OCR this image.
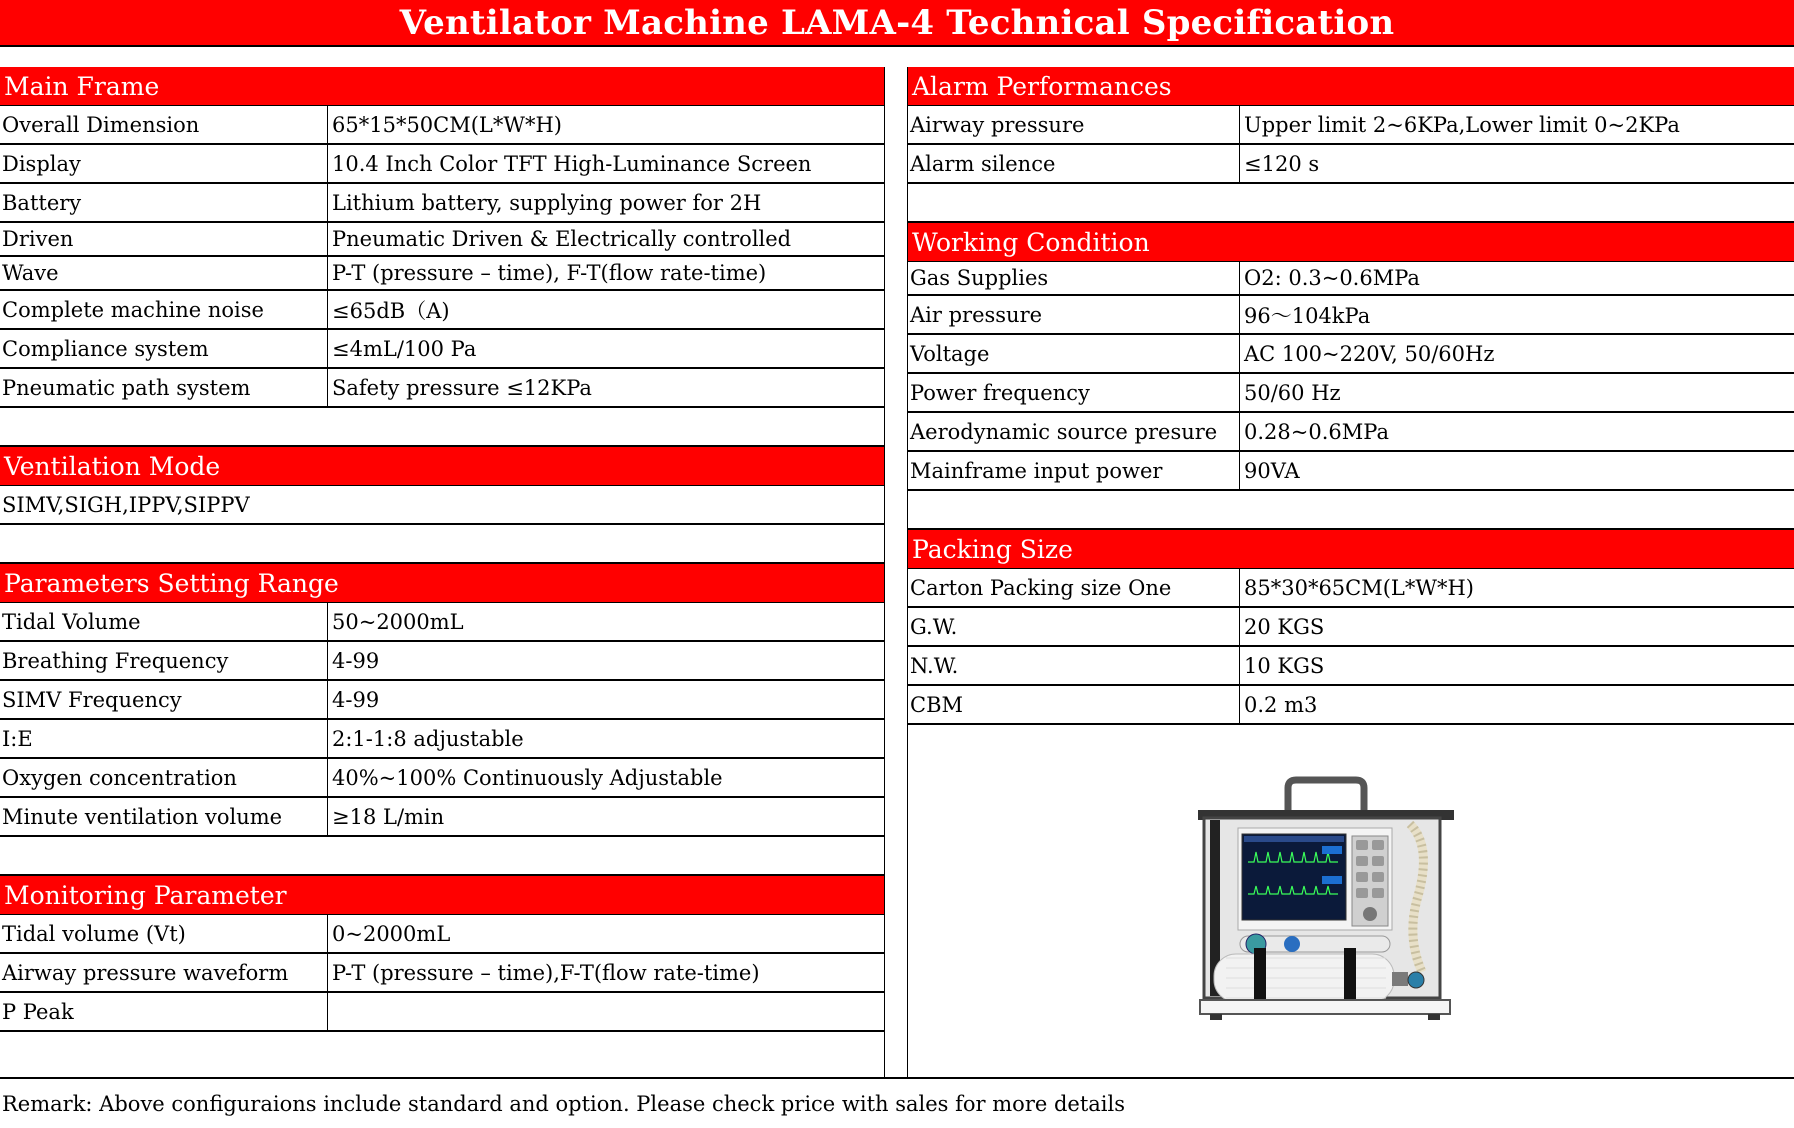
Ventilator Machine LAMA-4 Technical Specification
Main Frame
Overall Dimension	65*15*50CM(L*W*H)
Display	10.4 Inch Color TFT High-Luminance Screen
Battery	Lithium battery, supplying power for 2H
Driven	Pneumatic Driven & Electrically controlled
Wave	P-T (pressure – time), F-T(flow rate-time)
Complete machine noise	≤65dB（A)
Compliance system	≤4mL/100 Pa
Pneumatic path system	Safety pressure ≤12KPa
Ventilation Mode
SIMV,SIGH,IPPV,SIPPV
Parameters Setting Range
Tidal Volume	50~2000mL
Breathing Frequency	4-99
SIMV Frequency	4-99
I:E	2:1-1:8 adjustable
Oxygen concentration	40%~100% Continuously Adjustable
Minute ventilation volume	≥18 L/min
Monitoring Parameter
Tidal volume (Vt)	0~2000mL
Airway pressure waveform	P-T (pressure – time),F-T(flow rate-time)
P Peak
Alarm Performances
Airway pressure	Upper limit 2~6KPa,Lower limit 0~2KPa
Alarm silence	≤120 s
Working Condition
Gas Supplies	O2: 0.3~0.6MPa
Air pressure	96～104kPa
Voltage	AC 100~220V, 50/60Hz
Power frequency	50/60 Hz
Aerodynamic source presure	0.28~0.6MPa
Mainframe input power	90VA
Packing Size
Carton Packing size One	85*30*65CM(L*W*H)
G.W.	20 KGS
N.W.	10 KGS
CBM	0.2 m3
Remark: Above configuraions include standard and option. Please check price with sales for more details
